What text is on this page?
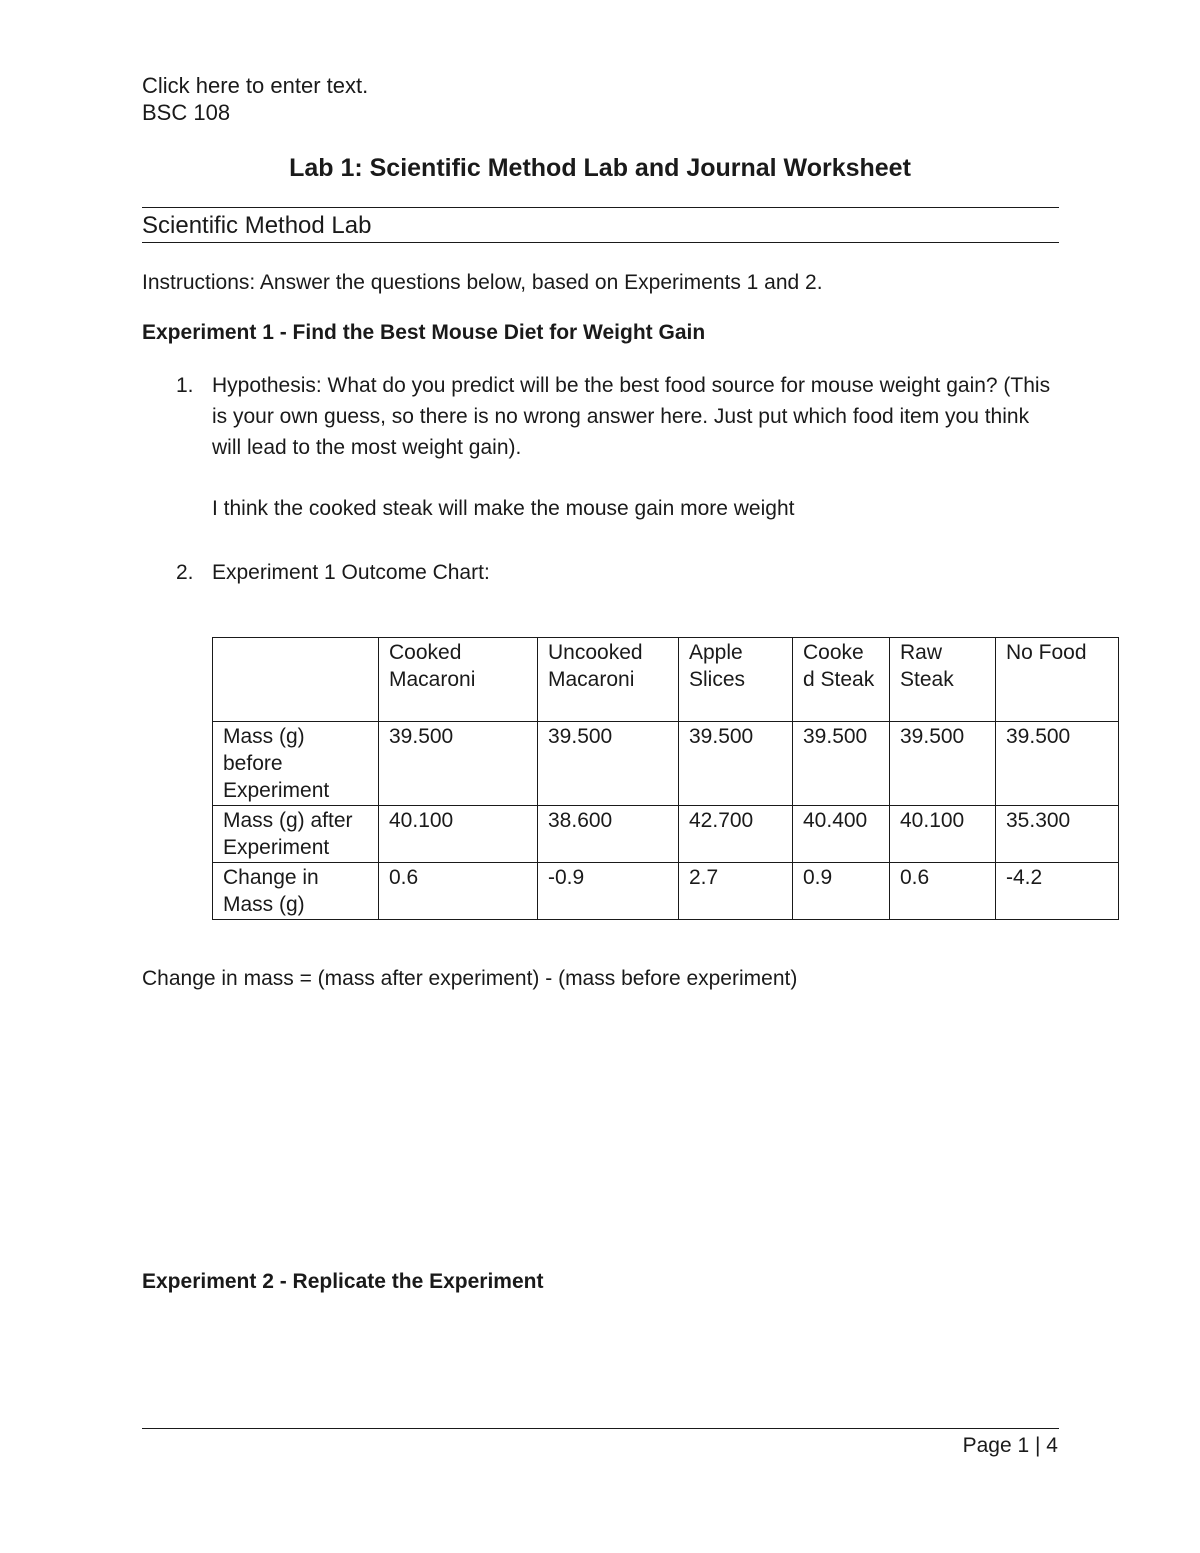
Click here to enter text.
BSC 108
Lab 1: Scientific Method Lab and Journal Worksheet
Scientific Method Lab
Instructions: Answer the questions below, based on Experiments 1 and 2.
Experiment 1 - Find the Best Mouse Diet for Weight Gain
1. Hypothesis: What do you predict will be the best food source for mouse weight gain? (This is your own guess, so there is no wrong answer here. Just put which food item you think will lead to the most weight gain).
I think the cooked steak will make the mouse gain more weight
2. Experiment 1 Outcome Chart:
	Cooked Macaroni	Uncooked Macaroni	Apple Slices	Cooke d Steak	Raw Steak	No Food
Mass (g) before Experiment	39.500	39.500	39.500	39.500	39.500	39.500
Mass (g) after Experiment	40.100	38.600	42.700	40.400	40.100	35.300
Change in Mass (g)	0.6	-0.9	2.7	0.9	0.6	-4.2
Change in mass = (mass after experiment) - (mass before experiment)
Experiment 2 - Replicate the Experiment
Page 1 | 4
